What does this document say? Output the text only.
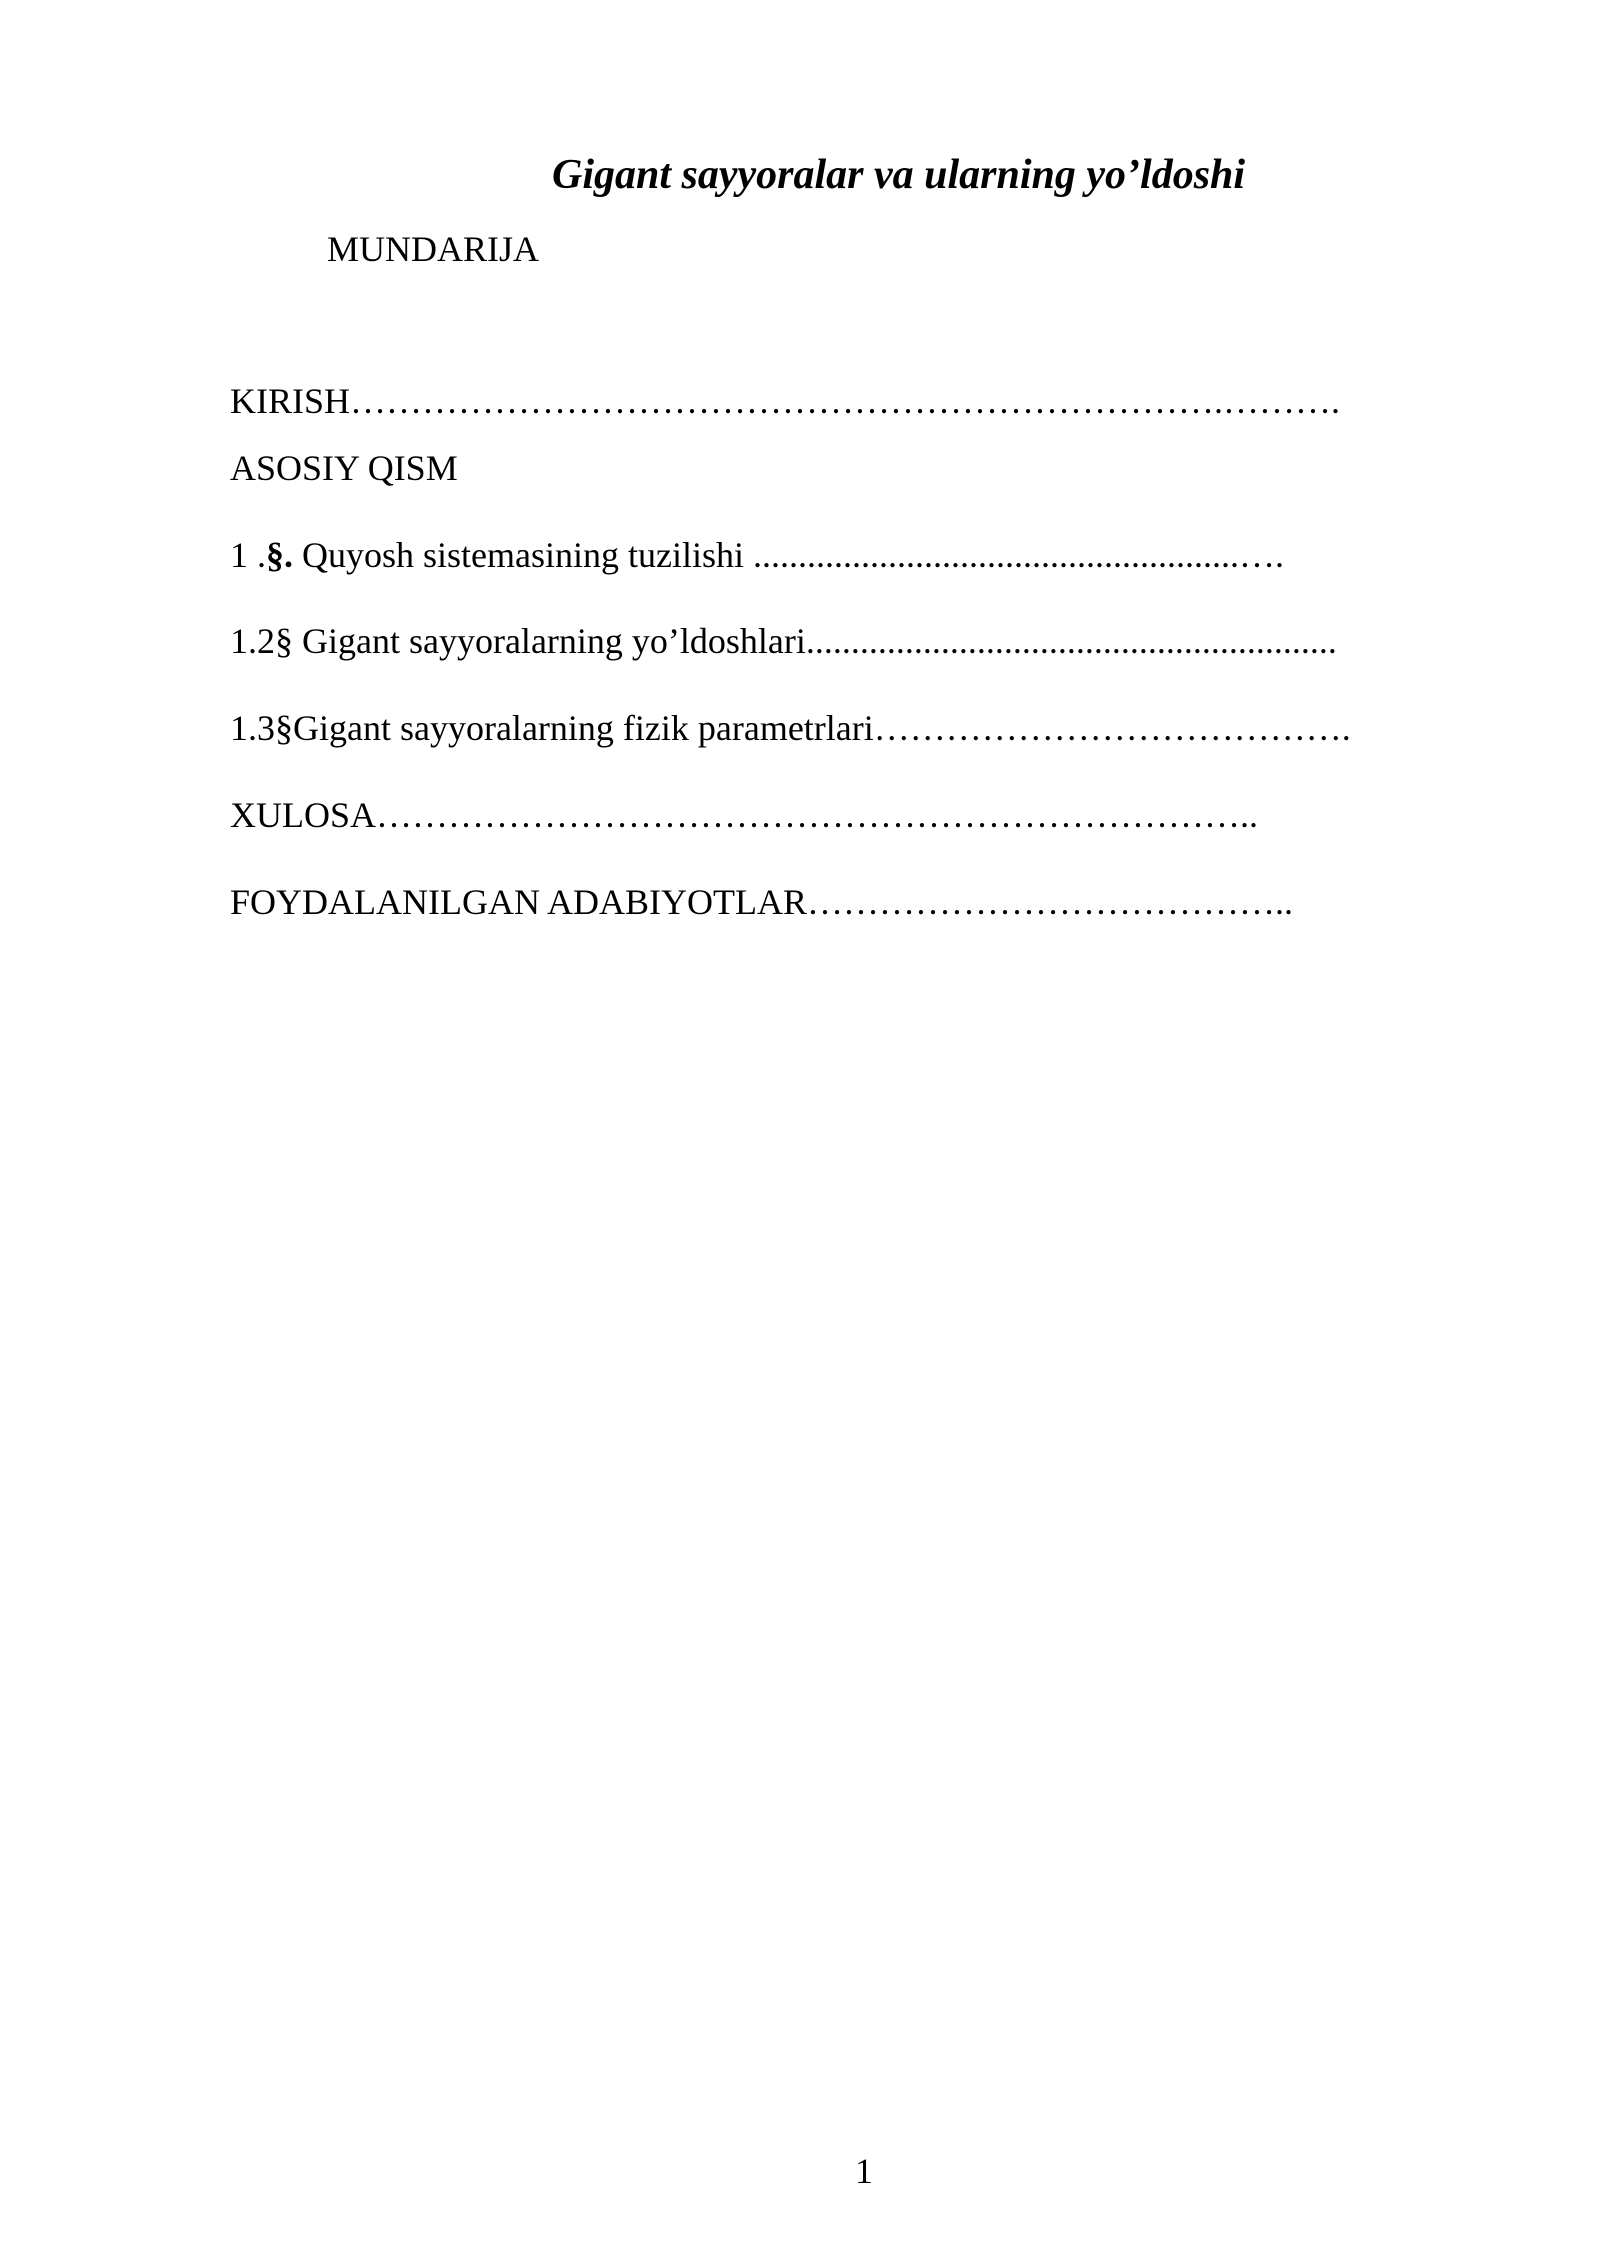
Gigant sayyoralar va ularning yo’ldoshi
MUNDARIJA
KIRISH……………………………………………………………….……….
ASOSIY QISM
1 .§. Quyosh sistemasining tuzilishi ......................................................….
1.2§ Gigant sayyoralarning yo’ldoshlari...........................................................
1.3§Gigant sayyoralarning fizik parametrlari………………………………….
XULOSA………………………………………………………………..
FOYDALANILGAN ADABIYOTLAR…………………………………..
1
